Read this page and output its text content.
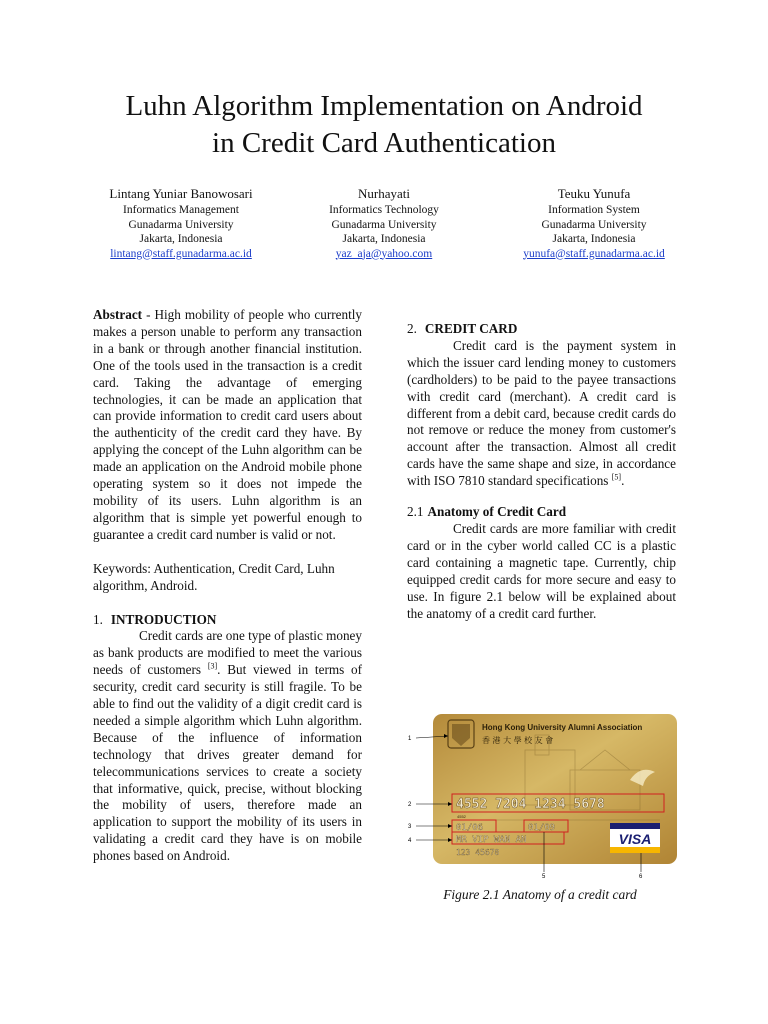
Luhn Algorithm Implementation on Android
in Credit Card Authentication
Lintang Yuniar Banowosari
Informatics Management
Gunadarma University
Jakarta, Indonesia
lintang@staff.gunadarma.ac.id
Nurhayati
Informatics Technology
Gunadarma University
Jakarta, Indonesia
yaz_aja@yahoo.com
Teuku Yunufa
Information System
Gunadarma University
Jakarta, Indonesia
yunufa@staff.gunadarma.ac.id

Abstract - High mobility of people who currently makes a person unable to perform any transaction in a bank or through another financial institution. One of the tools used in the transaction is a credit card. Taking the advantage of emerging technologies, it can be made an application that can provide information to credit card users about the authenticity of the credit card they have. By applying the concept of the Luhn algorithm can be made an application on the Android mobile phone operating system so it does not impede the mobility of its users. Luhn algorithm is an algorithm that is simple yet powerful enough to guarantee a credit card number is valid or not.

Keywords: Authentication, Credit Card, Luhn algorithm, Android.

1. INTRODUCTION

Credit cards are one type of plastic money as bank products are modified to meet the various needs of customers [3]. But viewed in terms of security, credit card security is still fragile. To be able to find out the validity of a digit credit card is needed a simple algorithm which Luhn algorithm. Because of the influence of information technology that drives greater demand for telecommunications services to create a society that informative, quick, precise, without blocking the mobility of users, therefore made an application to support the mobility of its users in validating a credit card they have is on mobile phones based on Android.

2. CREDIT CARD

Credit card is the payment system in which the issuer card lending money to customers (cardholders) to be paid to the payee transactions with credit card (merchant). A credit card is different from a debit card, because credit cards do not remove or reduce the money from customer's account after the transaction. Almost all credit cards have the same shape and size, in accordance with ISO 7810 standard specifications [5].

2.1 Anatomy of Credit Card

Credit cards are more familiar with credit card or in the cyber world called CC is a plastic card containing a magnetic tape. Currently, chip equipped credit cards for more secure and easy to use. In figure 2.1 below will be explained about the anatomy of a credit card further.

Hong Kong University Alumni Association
香 港 大 學 校 友 會
4552 7204 1234 5678
4552
01/06	01/09
MR VIP WAN AN
123 45678
VISA
1
2
3
4
5	6
Figure 2.1 Anatomy of a credit card
